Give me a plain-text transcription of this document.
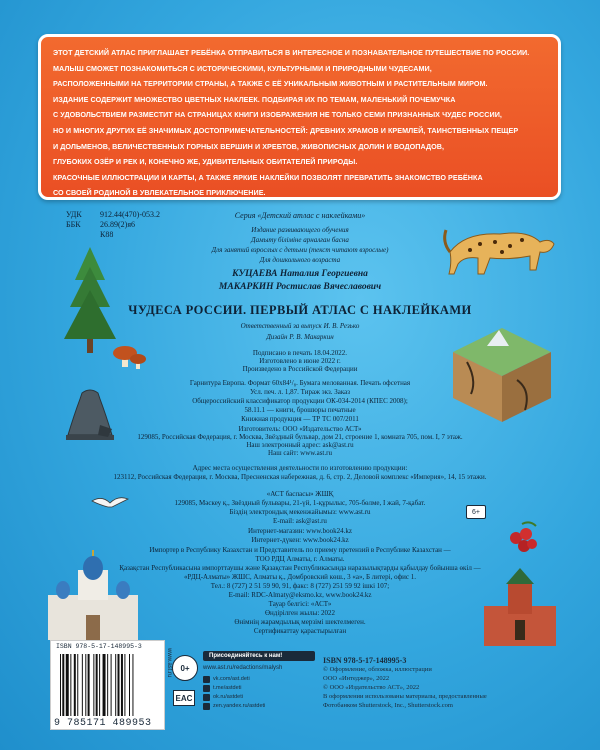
ЭТОТ ДЕТСКИЙ АТЛАС ПРИГЛАШАЕТ РЕБЁНКА ОТПРАВИТЬСЯ В ИНТЕРЕСНОЕ И ПОЗНАВАТЕЛЬНОЕ ПУТЕШЕСТВИЕ ПО РОССИИ.

МАЛЫШ СМОЖЕТ ПОЗНАКОМИТЬСЯ С ИСТОРИЧЕСКИМИ, КУЛЬТУРНЫМИ И ПРИРОДНЫМИ ЧУДЕСАМИ,

РАСПОЛОЖЕННЫМИ НА ТЕРРИТОРИИ СТРАНЫ, А ТАКЖЕ С ЕЁ УНИКАЛЬНЫМ ЖИВОТНЫМ И РАСТИТЕЛЬНЫМ МИРОМ.

ИЗДАНИЕ СОДЕРЖИТ МНОЖЕСТВО ЦВЕТНЫХ НАКЛЕЕК. ПОДБИРАЯ ИХ ПО ТЕМАМ, МАЛЕНЬКИЙ ПОЧЕМУЧКА

С УДОВОЛЬСТВИЕМ РАЗМЕСТИТ НА СТРАНИЦАХ КНИГИ ИЗОБРАЖЕНИЯ НЕ ТОЛЬКО СЕМИ ПРИЗНАННЫХ ЧУДЕС РОССИИ,

НО И МНОГИХ ДРУГИХ ЕЁ ЗНАЧИМЫХ ДОСТОПРИМЕЧАТЕЛЬНОСТЕЙ: ДРЕВНИХ ХРАМОВ И КРЕМЛЕЙ, ТАИНСТВЕННЫХ ПЕЩЕР

И ДОЛЬМЕНОВ, ВЕЛИЧЕСТВЕННЫХ ГОРНЫХ ВЕРШИН И ХРЕБТОВ, ЖИВОПИСНЫХ ДОЛИН И ВОДОПАДОВ,

ГЛУБОКИХ ОЗЁР И РЕК И, КОНЕЧНО ЖЕ, УДИВИТЕЛЬНЫХ ОБИТАТЕЛЕЙ ПРИРОДЫ.

КРАСОЧНЫЕ ИЛЛЮСТРАЦИИ И КАРТЫ, А ТАКЖЕ ЯРКИЕ НАКЛЕЙКИ ПОЗВОЛЯТ ПРЕВРАТИТЬ ЗНАКОМСТВО РЕБЁНКА

СО СВОЕЙ РОДИНОЙ В УВЛЕКАТЕЛЬНОЕ ПРИКЛЮЧЕНИЕ.

УДК	912.44(470)-053.2
ББК	26.89(2)я6
К88
Серия «Детский атлас с наклейками»
Издание развивающего обучения
Дамыту бiлiмiне арналған басна
Для занятий взрослых с детьми (текст читают взрослые)
Для дошкольного возраста
КУЦАЕВА Наталия Георгиевна
МАКАРКИН Ростислав Вячеславович
ЧУДЕСА РОССИИ. ПЕРВЫЙ АТЛАС С НАКЛЕЙКАМИ
Ответственный за выпуск И. В. Резько
Дизайн Р. В. Макаркин
Подписано в печать 18.04.2022.
Изготовлено в июне 2022 г.
Произведено в Российской Федерации
Гарнитура Европа. Формат 60х84¹/₈. Бумага мелованная. Печать офсетная
Усл. печ. л. 1,87. Тираж экз. Заказ
Общероссийский классификатор продукции ОК-034-2014 (КПЕС 2008);
58.11.1 — книги, брошюры печатные
Книжная продукция — ТР ТС 007/2011
Изготовитель: ООО «Издательство АСТ»
129085, Российская Федерация, г. Москва, Звёздный бульвар, дом 21, строение 1, комната 705, пом. I, 7 этаж.
Наш электронный адрес: ask@ast.ru
Наш сайт: www.ast.ru
Адрес места осуществления деятельности по изготовлению продукции:
123112, Российская Федерация, г. Москва, Пресненская набережная, д. 6, стр. 2, Деловой комплекс «Империя», 14, 15 этажи.
«АСТ баспасы» ЖШҚ
129085, Мәскеу қ., Звёздный бульвары, 21-үй, 1-құрылыс, 705-бөлме, I жай, 7-қабат.
Біздің электрондық мекенжайымыз: www.ast.ru
E-mail: ask@ast.ru
Интернет-магазин: www.book24.kz
Интернет-дүкен: www.book24.kz
Импортер в Республику Казахстан и Представитель по приему претензий в Республике Казахстан —
ТОО РДЦ Алматы, г. Алматы.
Қазақстан Республикасына импорттаушы және Қазақстан Республикасында наразылықтарды қабылдау бойынша өкіл —
«РДЦ-Алматы» ЖШС, Алматы қ., Домбровский көш., 3 «а», Б литері, офис 1.
Тел.: 8 (727) 2 51 59 90, 91, факс: 8 (727) 251 59 92 ішкі 107;
E-mail: RDC-Almaty@eksmo.kz, www.book24.kz
Тауар белгісі: «АСТ»
Өндірілген жылы: 2022
Өнімнің жарамдылық мерзімі шектелмеген.
Сертификаттау қарастырылған
6+
ISBN 978-5-17-148995-3
9 785171 489953
www.ast.ru	0+
EAC
Присоединяйтесь к нам!
www.ast.ru/redactions/malysh
vk.com/ast.deti
t.me/astdeti
ok.ru/astdeti
zen.yandex.ru/astdeti
ISBN 978-5-17-148995-3
© Оформление, обложка, иллюстрации
ООО «Интеджер», 2022
© ООО «Издательство АСТ», 2022
В оформлении использованы материалы, предоставленные
Фотобанком Shutterstock, Inc., Shutterstock.com
